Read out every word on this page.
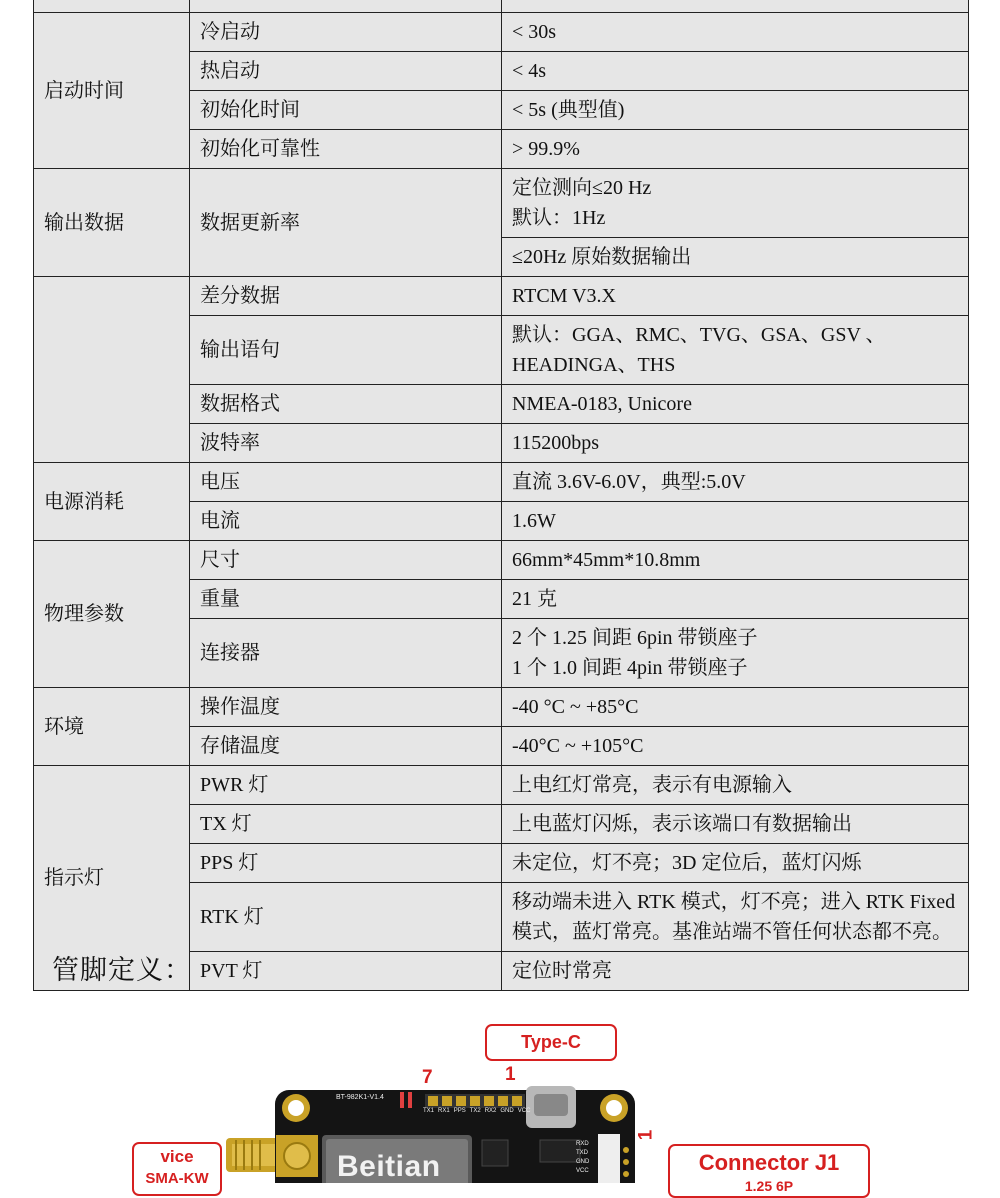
启动时间	冷启动	< 30s

	热启动	< 4s

	初始化时间	< 5s (典型值)

	初始化可靠性	> 99.9%

输出数据	数据更新率	定位测向≤20 Hz
默认：1Hz

		≤20Hz 原始数据输出
	差分数据	RTCM V3.X

	输出语句	默认：GGA、RMC、TVG、GSA、GSV 、
HEADINGA、THS

	数据格式	NMEA-0183, Unicore

	波特率	115200bps

电源消耗	电压	直流 3.6V-6.0V，典型:5.0V

	电流	1.6W

物理参数	尺寸	66mm*45mm*10.8mm

	重量	21 克

	连接器	2 个 1.25 间距 6pin 带锁座子
1 个 1.0 间距 4pin 带锁座子

环境	操作温度	-40 °C ~ +85°C

	存储温度	-40°C ~ +105°C

指示灯	PWR 灯	上电红灯常亮，表示有电源输入

	TX 灯	上电蓝灯闪烁，表示该端口有数据输出

	PPS 灯	未定位，灯不亮；3D 定位后，蓝灯闪烁

	RTK 灯	移动端未进入 RTK 模式，灯不亮；进入 RTK Fixed
模式，蓝灯常亮。基准站端不管任何状态都不亮。

	PVT 灯	定位时常亮
管脚定义：
Type-C
7	1
1
BT-982K1-V1.4
TX1 RX1 PPS TX2 RX2 GND VCC
RXD
TXD
GND
VCC
Beitian
vice
SMA-KW
Connector J1
1.25 6P
